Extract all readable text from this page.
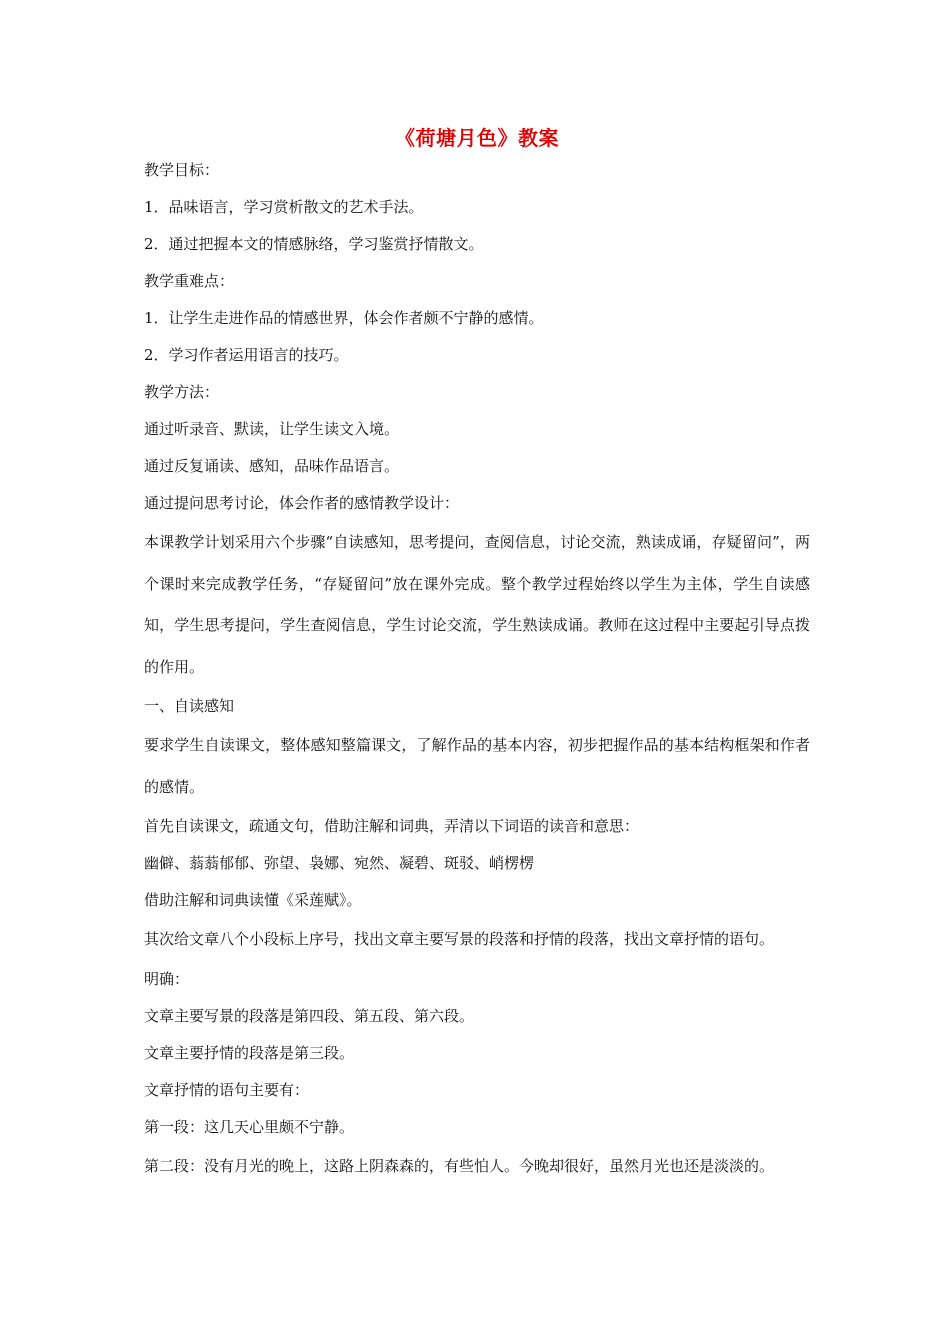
《荷塘月色》教案

教学目标：

1．品味语言，学习赏析散文的艺术手法。

2．通过把握本文的情感脉络，学习鉴赏抒情散文。

教学重难点：

1．让学生走进作品的情感世界，体会作者颇不宁静的感情。

2．学习作者运用语言的技巧。

教学方法：

通过听录音、默读，让学生读文入境。

通过反复诵读、感知，品味作品语言。

通过提问思考讨论，体会作者的感情教学设计：

本课教学计划采用六个步骤“自读感知，思考提问，查阅信息，讨论交流，熟读成诵，存疑留问”，两个课时来完成教学任务，“存疑留问”放在课外完成。整个教学过程始终以学生为主体，学生自读感知，学生思考提问，学生查阅信息，学生讨论交流，学生熟读成诵。教师在这过程中主要起引导点拨的作用。

一、自读感知

要求学生自读课文，整体感知整篇课文，了解作品的基本内容，初步把握作品的基本结构框架和作者的感情。

首先自读课文，疏通文句，借助注解和词典，弄清以下词语的读音和意思：

幽僻、蓊蓊郁郁、弥望、袅娜、宛然、凝碧、斑驳、峭楞楞

借助注解和词典读懂《采莲赋》。

其次给文章八个小段标上序号，找出文章主要写景的段落和抒情的段落，找出文章抒情的语句。

明确：

文章主要写景的段落是第四段、第五段、第六段。

文章主要抒情的段落是第三段。

文章抒情的语句主要有：

第一段：这几天心里颇不宁静。

第二段：没有月光的晚上，这路上阴森森的，有些怕人。今晚却很好，虽然月光也还是淡淡的。
